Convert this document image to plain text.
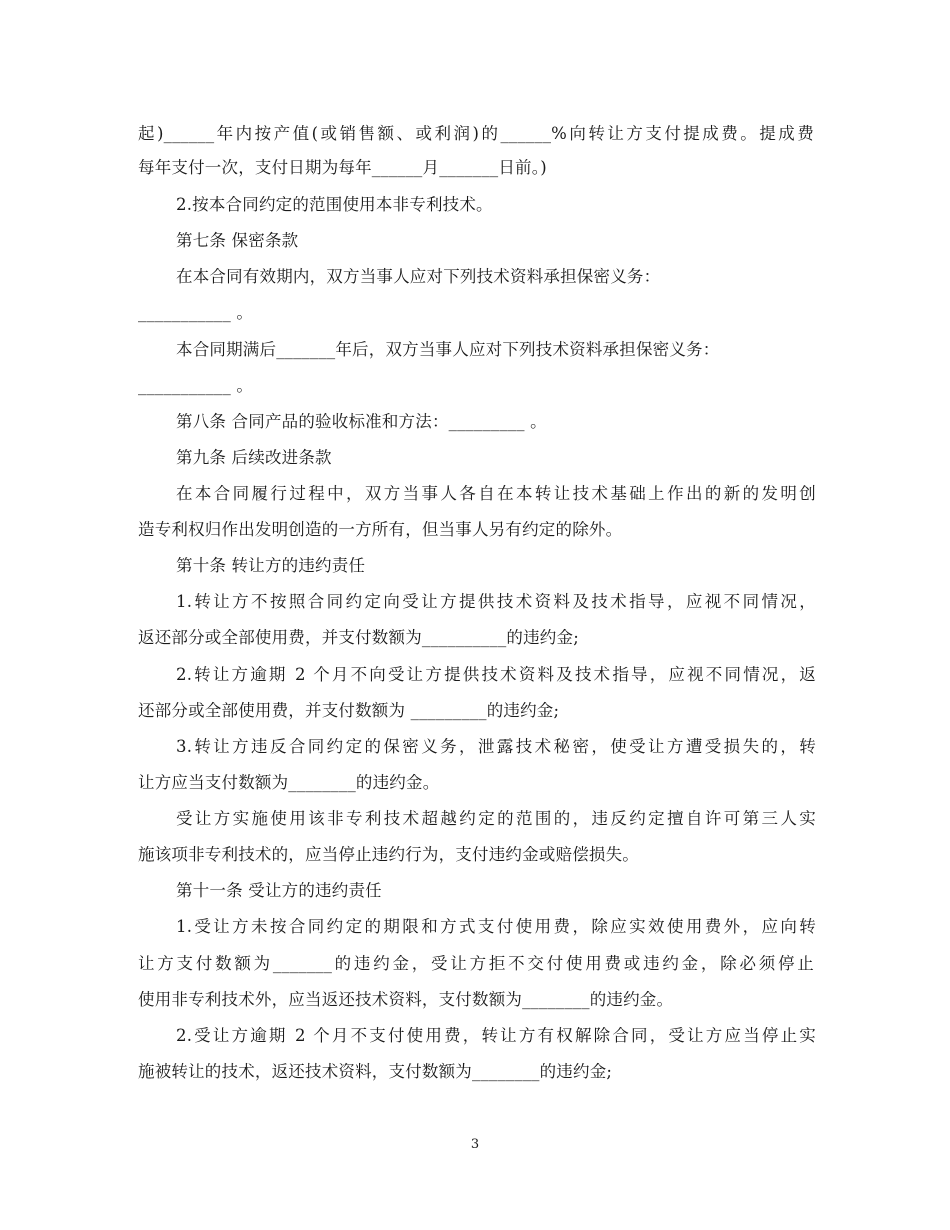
起)______年内按产值(或销售额、或利润)的______%向转让方支付提成费。提成费
每年支付一次，支付日期为每年______月_______日前。)
2.按本合同约定的范围使用本非专利技术。
第七条 保密条款
在本合同有效期内，双方当事人应对下列技术资料承担保密义务：
___________ 。
本合同期满后_______年后，双方当事人应对下列技术资料承担保密义务：
___________ 。
第八条 合同产品的验收标准和方法：_________ 。
第九条 后续改进条款
在本合同履行过程中，双方当事人各自在本转让技术基础上作出的新的发明创
造专利权归作出发明创造的一方所有，但当事人另有约定的除外。
第十条 转让方的违约责任
1.转让方不按照合同约定向受让方提供技术资料及技术指导，应视不同情况，
返还部分或全部使用费，并支付数额为__________的违约金;
2.转让方逾期 2 个月不向受让方提供技术资料及技术指导，应视不同情况，返
还部分或全部使用费，并支付数额为 _________的违约金;
3.转让方违反合同约定的保密义务，泄露技术秘密，使受让方遭受损失的，转
让方应当支付数额为________的违约金。
受让方实施使用该非专利技术超越约定的范围的，违反约定擅自许可第三人实
施该项非专利技术的，应当停止违约行为，支付违约金或赔偿损失。
第十一条 受让方的违约责任
1.受让方未按合同约定的期限和方式支付使用费，除应实效使用费外，应向转
让方支付数额为_______的违约金，受让方拒不交付使用费或违约金，除必须停止
使用非专利技术外，应当返还技术资料，支付数额为________的违约金。
2.受让方逾期 2 个月不支付使用费，转让方有权解除合同，受让方应当停止实
施被转让的技术，返还技术资料，支付数额为________的违约金;
3
